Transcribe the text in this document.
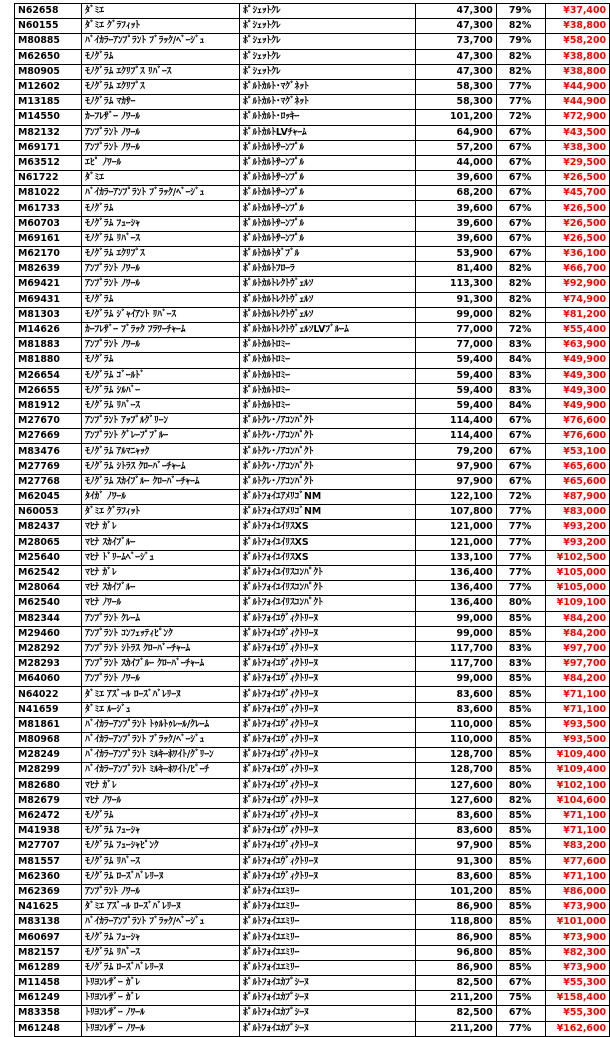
N62658	ﾀﾞﾐｴ	ﾎﾟｼｪｯﾄｸﾚ	47,300	79%	¥37,400
N60155	ﾀﾞﾐｴ ｸﾞﾗﾌｨｯﾄ	ﾎﾟｼｪｯﾄｸﾚ	47,300	82%	¥38,800
M80885	ﾊﾞｲｶﾗｰｱﾝﾌﾟﾗﾝﾄ ﾌﾞﾗｯｸ/ﾍﾞｰｼﾞｭ	ﾎﾟｼｪｯﾄｸﾚ	73,700	79%	¥58,200
M62650	ﾓﾉｸﾞﾗﾑ	ﾎﾟｼｪｯﾄｸﾚ	47,300	82%	¥38,800
M80905	ﾓﾉｸﾞﾗﾑ ｴｸﾘﾌﾟｽ ﾘﾊﾞｰｽ	ﾎﾟｼｪｯﾄｸﾚ	47,300	82%	¥38,800
M12602	ﾓﾉｸﾞﾗﾑ ｴｸﾘﾌﾟｽ	ﾎﾟﾙﾄｶﾙﾄ･ﾏｸﾞﾈｯﾄ	58,300	77%	¥44,900
M13185	ﾓﾉｸﾞﾗﾑ ﾏｶｻｰ	ﾎﾟﾙﾄｶﾙﾄ･ﾏｸﾞﾈｯﾄ	58,300	77%	¥44,900
M14550	ｶｰﾌﾚｻﾞｰ ﾉﾜｰﾙ	ﾎﾟﾙﾄｶﾙﾄ･ﾛｯｷｰ	101,200	72%	¥72,900
M82132	ｱﾝﾌﾟﾗﾝﾄ ﾉﾜｰﾙ	ﾎﾟﾙﾄｶﾙﾄLVﾁｬｰﾑ	64,900	67%	¥43,500
M69171	ｱﾝﾌﾟﾗﾝﾄ ﾉﾜｰﾙ	ﾎﾟﾙﾄｶﾙﾄｻｰﾝﾌﾟﾙ	57,200	67%	¥38,300
M63512	ｴﾋﾟ ﾉﾜｰﾙ	ﾎﾟﾙﾄｶﾙﾄｻｰﾝﾌﾟﾙ	44,000	67%	¥29,500
N61722	ﾀﾞﾐｴ	ﾎﾟﾙﾄｶﾙﾄｻｰﾝﾌﾟﾙ	39,600	67%	¥26,500
M81022	ﾊﾞｲｶﾗｰｱﾝﾌﾟﾗﾝﾄ ﾌﾞﾗｯｸ/ﾍﾞｰｼﾞｭ	ﾎﾟﾙﾄｶﾙﾄｻｰﾝﾌﾟﾙ	68,200	67%	¥45,700
M61733	ﾓﾉｸﾞﾗﾑ	ﾎﾟﾙﾄｶﾙﾄｻｰﾝﾌﾟﾙ	39,600	67%	¥26,500
M60703	ﾓﾉｸﾞﾗﾑ ﾌｭｰｼｬ	ﾎﾟﾙﾄｶﾙﾄｻｰﾝﾌﾟﾙ	39,600	67%	¥26,500
M69161	ﾓﾉｸﾞﾗﾑ ﾘﾊﾞｰｽ	ﾎﾟﾙﾄｶﾙﾄｻｰﾝﾌﾟﾙ	39,600	67%	¥26,500
M62170	ﾓﾉｸﾞﾗﾑ ｴｸﾘﾌﾟｽ	ﾎﾟﾙﾄｶﾙﾄﾀﾞﾌﾞﾙ	53,900	67%	¥36,100
M82639	ｱﾝﾌﾟﾗﾝﾄ ﾉﾜｰﾙ	ﾎﾟﾙﾄｶﾙﾄﾌﾛｰﾗ	81,400	82%	¥66,700
M69421	ｱﾝﾌﾟﾗﾝﾄ ﾉﾜｰﾙ	ﾎﾟﾙﾄｶﾙﾄﾚｸﾄｳﾞｪﾙｿ	113,300	82%	¥92,900
M69431	ﾓﾉｸﾞﾗﾑ	ﾎﾟﾙﾄｶﾙﾄﾚｸﾄｳﾞｪﾙｿ	91,300	82%	¥74,900
M81303	ﾓﾉｸﾞﾗﾑ ｼﾞｬｲｱﾝﾄ ﾘﾊﾞｰｽ	ﾎﾟﾙﾄｶﾙﾄﾚｸﾄｳﾞｪﾙｿ	99,000	82%	¥81,200
M14626	ｶｰﾌﾚｻﾞｰ ﾌﾞﾗｯｸ ﾌﾗﾜｰﾁｬｰﾑ	ﾎﾟﾙﾄｶﾙﾄﾚｸﾄｳﾞｪﾙｿLVﾌﾞﾙｰﾑ	77,000	72%	¥55,400
M81883	ｱﾝﾌﾟﾗﾝﾄ ﾉﾜｰﾙ	ﾎﾟﾙﾄｶﾙﾄﾛﾐｰ	77,000	83%	¥63,900
M81880	ﾓﾉｸﾞﾗﾑ	ﾎﾟﾙﾄｶﾙﾄﾛﾐｰ	59,400	84%	¥49,900
M26654	ﾓﾉｸﾞﾗﾑ ｺﾞｰﾙﾄﾞ	ﾎﾟﾙﾄｶﾙﾄﾛﾐｰ	59,400	83%	¥49,300
M26655	ﾓﾉｸﾞﾗﾑ ｼﾙﾊﾞｰ	ﾎﾟﾙﾄｶﾙﾄﾛﾐｰ	59,400	83%	¥49,300
M81912	ﾓﾉｸﾞﾗﾑ ﾘﾊﾞｰｽ	ﾎﾟﾙﾄｶﾙﾄﾛﾐｰ	59,400	84%	¥49,900
M27670	ｱﾝﾌﾟﾗﾝﾄ ｱｯﾌﾟﾙｸﾞﾘｰﾝ	ﾎﾟﾙﾄｸﾚ･ﾉｱｺﾝﾊﾟｸﾄ	114,400	67%	¥76,600
M27669	ｱﾝﾌﾟﾗﾝﾄ ｸﾞﾚｰﾌﾟﾌﾞﾙｰ	ﾎﾟﾙﾄｸﾚ･ﾉｱｺﾝﾊﾟｸﾄ	114,400	67%	¥76,600
M83476	ﾓﾉｸﾞﾗﾑ ｱﾙﾏﾆｬｯｸ	ﾎﾟﾙﾄｸﾚ･ﾉｱｺﾝﾊﾟｸﾄ	79,200	67%	¥53,100
M27769	ﾓﾉｸﾞﾗﾑ ｼﾄﾗｽ ｸﾛｰﾊﾞｰﾁｬｰﾑ	ﾎﾟﾙﾄｸﾚ･ﾉｱｺﾝﾊﾟｸﾄ	97,900	67%	¥65,600
M27768	ﾓﾉｸﾞﾗﾑ ｽｶｲﾌﾞﾙｰ ｸﾛｰﾊﾞｰﾁｬｰﾑ	ﾎﾟﾙﾄｸﾚ･ﾉｱｺﾝﾊﾟｸﾄ	97,900	67%	¥65,600
M62045	ﾀｲｶﾞ ﾉﾜｰﾙ	ﾎﾟﾙﾄﾌｫｲﾕｱﾒﾘｺﾞNM	122,100	72%	¥87,900
N60053	ﾀﾞﾐｴ ｸﾞﾗﾌｨｯﾄ	ﾎﾟﾙﾄﾌｫｲﾕｱﾒﾘｺﾞNM	107,800	77%	¥83,000
M82437	ﾏﾋﾅ ｶﾞﾚ	ﾎﾟﾙﾄﾌｫｲﾕｲﾘｽXS	121,000	77%	¥93,200
M28065	ﾏﾋﾅ ｽｶｲﾌﾞﾙｰ	ﾎﾟﾙﾄﾌｫｲﾕｲﾘｽXS	121,000	77%	¥93,200
M25640	ﾏﾋﾅ ﾄﾞﾘｰﾑﾍﾞｰｼﾞｭ	ﾎﾟﾙﾄﾌｫｲﾕｲﾘｽXS	133,100	77%	¥102,500
M62542	ﾏﾋﾅ ｶﾞﾚ	ﾎﾟﾙﾄﾌｫｲﾕｲﾘｽｺﾝﾊﾟｸﾄ	136,400	77%	¥105,000
M28064	ﾏﾋﾅ ｽｶｲﾌﾞﾙｰ	ﾎﾟﾙﾄﾌｫｲﾕｲﾘｽｺﾝﾊﾟｸﾄ	136,400	77%	¥105,000
M62540	ﾏﾋﾅ ﾉﾜｰﾙ	ﾎﾟﾙﾄﾌｫｲﾕｲﾘｽｺﾝﾊﾟｸﾄ	136,400	80%	¥109,100
M82344	ｱﾝﾌﾟﾗﾝﾄ ｸﾚｰﾑ	ﾎﾟﾙﾄﾌｫｲﾕｳﾞｨｸﾄﾘｰﾇ	99,000	85%	¥84,200
M29460	ｱﾝﾌﾟﾗﾝﾄ ｺﾝﾌｪｯﾃｨﾋﾟﾝｸ	ﾎﾟﾙﾄﾌｫｲﾕｳﾞｨｸﾄﾘｰﾇ	99,000	85%	¥84,200
M28292	ｱﾝﾌﾟﾗﾝﾄ ｼﾄﾗｽ ｸﾛｰﾊﾞｰﾁｬｰﾑ	ﾎﾟﾙﾄﾌｫｲﾕｳﾞｨｸﾄﾘｰﾇ	117,700	83%	¥97,700
M28293	ｱﾝﾌﾟﾗﾝﾄ ｽｶｲﾌﾞﾙｰ ｸﾛｰﾊﾞｰﾁｬｰﾑ	ﾎﾟﾙﾄﾌｫｲﾕｳﾞｨｸﾄﾘｰﾇ	117,700	83%	¥97,700
M64060	ｱﾝﾌﾟﾗﾝﾄ ﾉﾜｰﾙ	ﾎﾟﾙﾄﾌｫｲﾕｳﾞｨｸﾄﾘｰﾇ	99,000	85%	¥84,200
N64022	ﾀﾞﾐｴ ｱｽﾞｰﾙ ﾛｰｽﾞﾊﾞﾚﾘｰﾇ	ﾎﾟﾙﾄﾌｫｲﾕｳﾞｨｸﾄﾘｰﾇ	83,600	85%	¥71,100
N41659	ﾀﾞﾐｴ ﾙｰｼﾞｭ	ﾎﾟﾙﾄﾌｫｲﾕｳﾞｨｸﾄﾘｰﾇ	83,600	85%	¥71,100
M81861	ﾊﾞｲｶﾗｰｱﾝﾌﾟﾗﾝﾄ ﾄｩﾙﾄｩﾚｰﾙ/ｸﾚｰﾑ	ﾎﾟﾙﾄﾌｫｲﾕｳﾞｨｸﾄﾘｰﾇ	110,000	85%	¥93,500
M80968	ﾊﾞｲｶﾗｰｱﾝﾌﾟﾗﾝﾄ ﾌﾞﾗｯｸ/ﾍﾞｰｼﾞｭ	ﾎﾟﾙﾄﾌｫｲﾕｳﾞｨｸﾄﾘｰﾇ	110,000	85%	¥93,500
M28249	ﾊﾞｲｶﾗｰｱﾝﾌﾟﾗﾝﾄ ﾐﾙｷｰﾎﾜｲﾄ/ｸﾞﾘｰﾝ	ﾎﾟﾙﾄﾌｫｲﾕｳﾞｨｸﾄﾘｰﾇ	128,700	85%	¥109,400
M28299	ﾊﾞｲｶﾗｰｱﾝﾌﾟﾗﾝﾄ ﾐﾙｷｰﾎﾜｲﾄ/ﾋﾟｰﾁ	ﾎﾟﾙﾄﾌｫｲﾕｳﾞｨｸﾄﾘｰﾇ	128,700	85%	¥109,400
M82680	ﾏﾋﾅ ｶﾞﾚ	ﾎﾟﾙﾄﾌｫｲﾕｳﾞｨｸﾄﾘｰﾇ	127,600	80%	¥102,100
M82679	ﾏﾋﾅ ﾉﾜｰﾙ	ﾎﾟﾙﾄﾌｫｲﾕｳﾞｨｸﾄﾘｰﾇ	127,600	82%	¥104,600
M62472	ﾓﾉｸﾞﾗﾑ	ﾎﾟﾙﾄﾌｫｲﾕｳﾞｨｸﾄﾘｰﾇ	83,600	85%	¥71,100
M41938	ﾓﾉｸﾞﾗﾑ ﾌｭｰｼｬ	ﾎﾟﾙﾄﾌｫｲﾕｳﾞｨｸﾄﾘｰﾇ	83,600	85%	¥71,100
M27707	ﾓﾉｸﾞﾗﾑ ﾌｭｰｼｬﾋﾟﾝｸ	ﾎﾟﾙﾄﾌｫｲﾕｳﾞｨｸﾄﾘｰﾇ	97,900	85%	¥83,200
M81557	ﾓﾉｸﾞﾗﾑ ﾘﾊﾞｰｽ	ﾎﾟﾙﾄﾌｫｲﾕｳﾞｨｸﾄﾘｰﾇ	91,300	85%	¥77,600
M62360	ﾓﾉｸﾞﾗﾑ ﾛｰｽﾞﾊﾞﾚﾘｰﾇ	ﾎﾟﾙﾄﾌｫｲﾕｳﾞｨｸﾄﾘｰﾇ	83,600	85%	¥71,100
M62369	ｱﾝﾌﾟﾗﾝﾄ ﾉﾜｰﾙ	ﾎﾟﾙﾄﾌｫｲﾕｴﾐﾘｰ	101,200	85%	¥86,000
N41625	ﾀﾞﾐｴ ｱｽﾞｰﾙ ﾛｰｽﾞﾊﾞﾚﾘｰﾇ	ﾎﾟﾙﾄﾌｫｲﾕｴﾐﾘｰ	86,900	85%	¥73,900
M83138	ﾊﾞｲｶﾗｰｱﾝﾌﾟﾗﾝﾄ ﾌﾞﾗｯｸ/ﾍﾞｰｼﾞｭ	ﾎﾟﾙﾄﾌｫｲﾕｴﾐﾘｰ	118,800	85%	¥101,000
M60697	ﾓﾉｸﾞﾗﾑ ﾌｭｰｼｬ	ﾎﾟﾙﾄﾌｫｲﾕｴﾐﾘｰ	86,900	85%	¥73,900
M82157	ﾓﾉｸﾞﾗﾑ ﾘﾊﾞｰｽ	ﾎﾟﾙﾄﾌｫｲﾕｴﾐﾘｰ	96,800	85%	¥82,300
M61289	ﾓﾉｸﾞﾗﾑ ﾛｰｽﾞﾊﾞﾚﾘｰﾇ	ﾎﾟﾙﾄﾌｫｲﾕｴﾐﾘｰ	86,900	85%	¥73,900
M11458	ﾄﾘﾖﾝﾚｻﾞｰ ｶﾞﾚ	ﾎﾟﾙﾄﾌｫｲﾕｶﾌﾟｼｰﾇ	82,500	67%	¥55,300
M61249	ﾄﾘﾖﾝﾚｻﾞｰ ｶﾞﾚ	ﾎﾟﾙﾄﾌｫｲﾕｶﾌﾟｼｰﾇ	211,200	75%	¥158,400
M83358	ﾄﾘﾖﾝﾚｻﾞｰ ﾉﾜｰﾙ	ﾎﾟﾙﾄﾌｫｲﾕｶﾌﾟｼｰﾇ	82,500	67%	¥55,300
M61248	ﾄﾘﾖﾝﾚｻﾞｰ ﾉﾜｰﾙ	ﾎﾟﾙﾄﾌｫｲﾕｶﾌﾟｼｰﾇ	211,200	77%	¥162,600
